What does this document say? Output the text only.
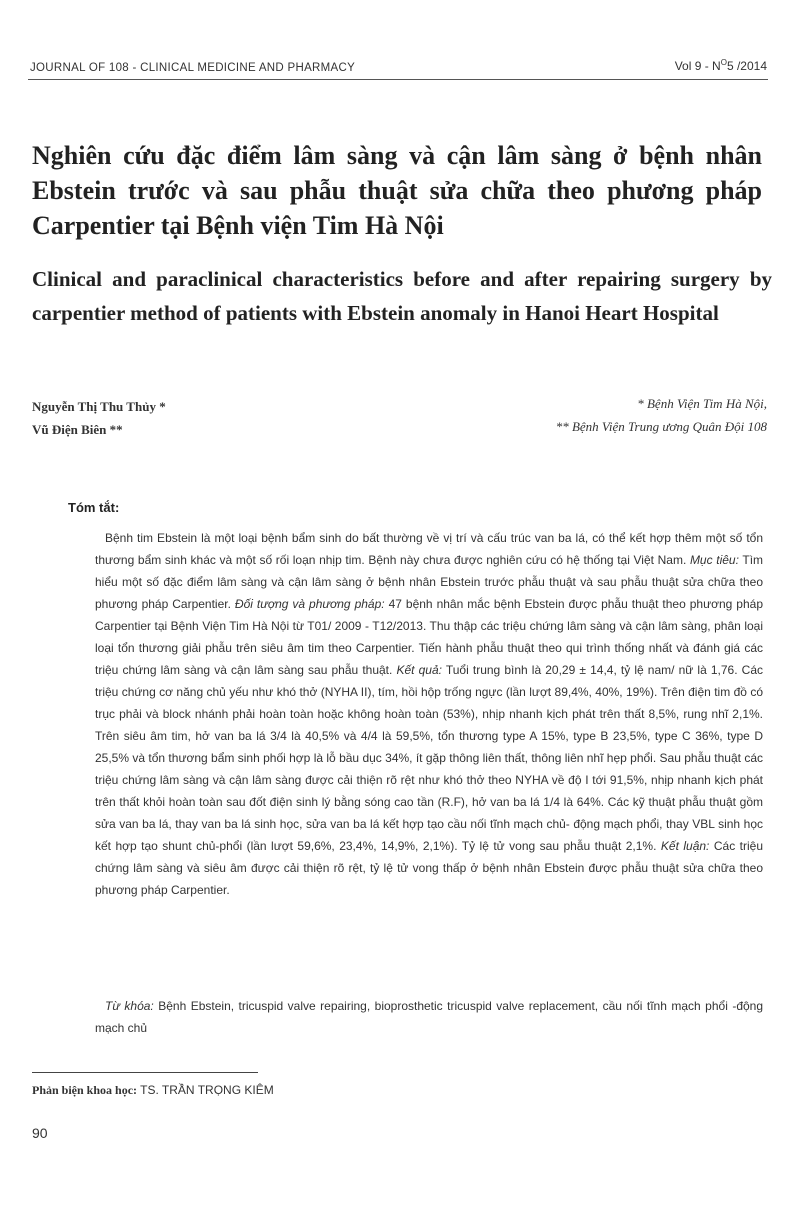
JOURNAL OF 108 - CLINICAL MEDICINE AND PHARMACY	Vol $9 - N^O5$ /2014
Nghiên cứu đặc điểm lâm sàng và cận lâm sàng ở bệnh nhân Ebstein trước và sau phẫu thuật sửa chữa theo phương pháp Carpentier tại Bệnh viện Tim Hà Nội
Clinical and paraclinical characteristics before and after repairing surgery by carpentier method of patients with Ebstein anomaly in Hanoi Heart Hospital
Nguyễn Thị Thu Thủy *
Vũ Điện Biên **
* Bệnh Viện Tim Hà Nội,
** Bệnh Viện Trung ương Quân Đội 108
Tóm tắt:

Bệnh tim Ebstein là một loại bệnh bẩm sinh do bất thường về vị trí và cấu trúc van ba lá, có thể kết hợp thêm một số tổn thương bẩm sinh khác và một số rối loạn nhịp tim. Bệnh này chưa được nghiên cứu có hệ thống tại Việt Nam. Mục tiêu: Tìm hiểu một số đặc điểm lâm sàng và cận lâm sàng ở bệnh nhân Ebstein trước phẫu thuật và sau phẫu thuật sửa chữa theo phương pháp Carpentier. Đối tượng và phương pháp: 47 bệnh nhân mắc bệnh Ebstein được phẫu thuật theo phương pháp Carpentier tại Bệnh Viện Tim Hà Nội từ T01/ 2009 - T12/2013. Thu thập các triệu chứng lâm sàng và cận lâm sàng, phân loại loại tổn thương giải phẫu trên siêu âm tim theo Carpentier. Tiến hành phẫu thuật theo qui trình thống nhất và đánh giá các triệu chứng lâm sàng và cận lâm sàng sau phẫu thuật. Kết quả: Tuổi trung bình là 20,29 ± 14,4, tỷ lệ nam/ nữ là 1,76. Các triệu chứng cơ năng chủ yếu như khó thở (NYHA II), tím, hồi hộp trống ngực (lần lượt 89,4%, 40%, 19%). Trên điện tim đồ có trục phải và block nhánh phải hoàn toàn hoặc không hoàn toàn (53%), nhịp nhanh kịch phát trên thất 8,5%, rung nhĩ 2,1%. Trên siêu âm tim, hở van ba lá 3/4 là 40,5% và 4/4 là 59,5%, tổn thương type A 15%, type B 23,5%, type C 36%, type D 25,5% và tổn thương bẩm sinh phối hợp là lỗ bầu dục 34%, ít gặp thông liên thất, thông liên nhĩ hẹp phổi. Sau phẫu thuật các triệu chứng lâm sàng và cận lâm sàng được cải thiện rõ rệt như khó thở theo NYHA về độ I tới 91,5%, nhịp nhanh kịch phát trên thất khỏi hoàn toàn sau đốt điện sinh lý bằng sóng cao tần (R.F), hở van ba lá 1/4 là 64%. Các kỹ thuật phẫu thuật gồm sửa van ba lá, thay van ba lá sinh học, sửa van ba lá kết hợp tạo cầu nối tĩnh mạch chủ- động mạch phổi, thay VBL sinh học kết hợp tạo shunt chủ-phổi (lần lượt 59,6%, 23,4%, 14,9%, 2,1%). Tỷ lệ tử vong sau phẫu thuật 2,1%. Kết luận: Các triệu chứng lâm sàng và siêu âm được cải thiện rõ rệt, tỷ lệ tử vong thấp ở bệnh nhân Ebstein được phẫu thuật sửa chữa theo phương pháp Carpentier.

Từ khóa: Bệnh Ebstein, tricuspid valve repairing, bioprosthetic tricuspid valve replacement, cầu nối tĩnh mạch phổi -động mạch chủ

Phản biện khoa học: TS. TRẦN TRỌNG KIÊM
90
